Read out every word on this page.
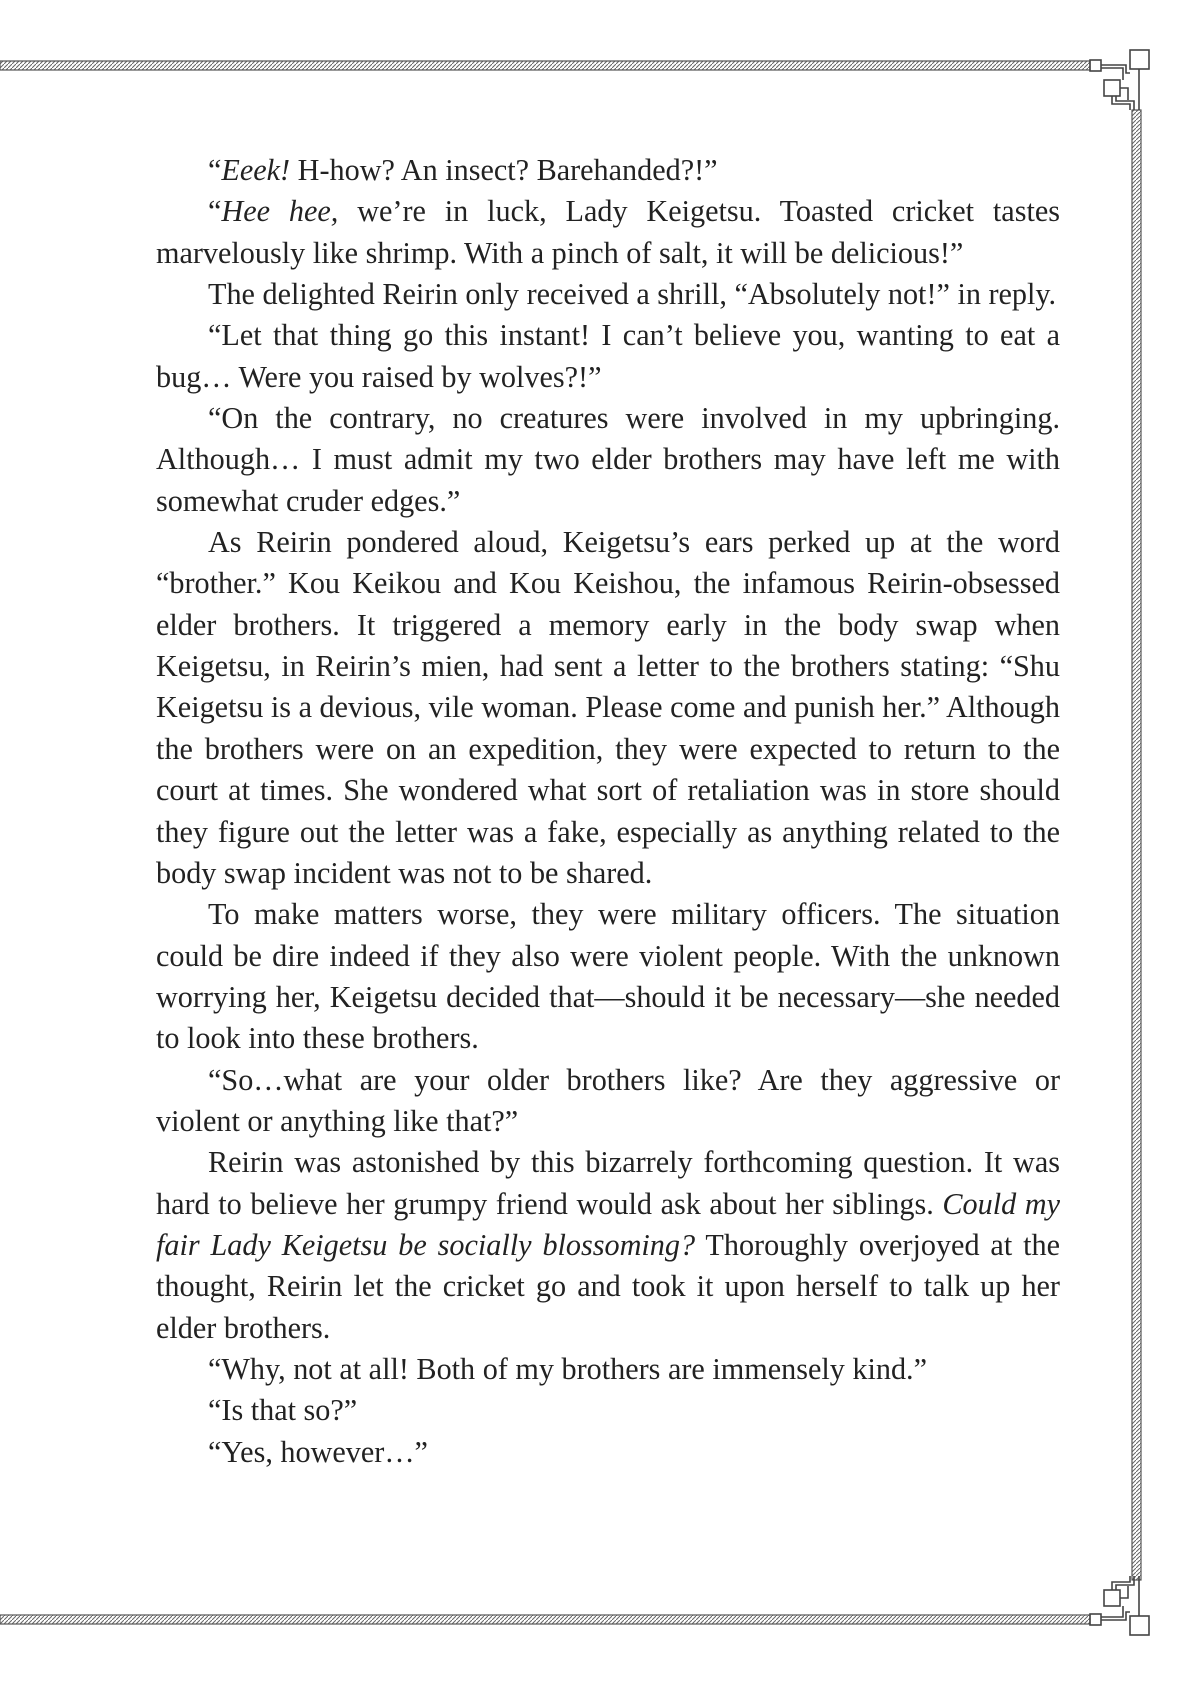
“Eeek! H-how? An insect? Barehanded?!”

“Hee hee, we’re in luck, Lady Keigetsu. Toasted cricket tastes marvelously like shrimp. With a pinch of salt, it will be delicious!”

The delighted Reirin only received a shrill, “Absolutely not!” in reply.

“Let that thing go this instant! I can’t believe you, wanting to eat a bug… Were you raised by wolves?!”

“On the contrary, no creatures were involved in my upbringing. Although… I must admit my two elder brothers may have left me with somewhat cruder edges.”

As Reirin pondered aloud, Keigetsu’s ears perked up at the word “brother.” Kou Keikou and Kou Keishou, the infamous Reirin-obsessed elder brothers. It triggered a memory early in the body swap when Keigetsu, in Reirin’s mien, had sent a letter to the brothers stating: “Shu Keigetsu is a devious, vile woman. Please come and punish her.” Although the brothers were on an expedition, they were expected to return to the court at times. She wondered what sort of retaliation was in store should they figure out the letter was a fake, especially as anything related to the body swap incident was not to be shared.

To make matters worse, they were military officers. The situation could be dire indeed if they also were violent people. With the unknown worrying her, Keigetsu decided that—should it be necessary—she needed to look into these brothers.

“So…what are your older brothers like? Are they aggressive or violent or anything like that?”

Reirin was astonished by this bizarrely forthcoming question. It was hard to believe her grumpy friend would ask about her siblings. Could my fair Lady Keigetsu be socially blossoming? Thoroughly overjoyed at the thought, Reirin let the cricket go and took it upon herself to talk up her elder brothers.

“Why, not at all! Both of my brothers are immensely kind.”

“Is that so?”

“Yes, however…”
